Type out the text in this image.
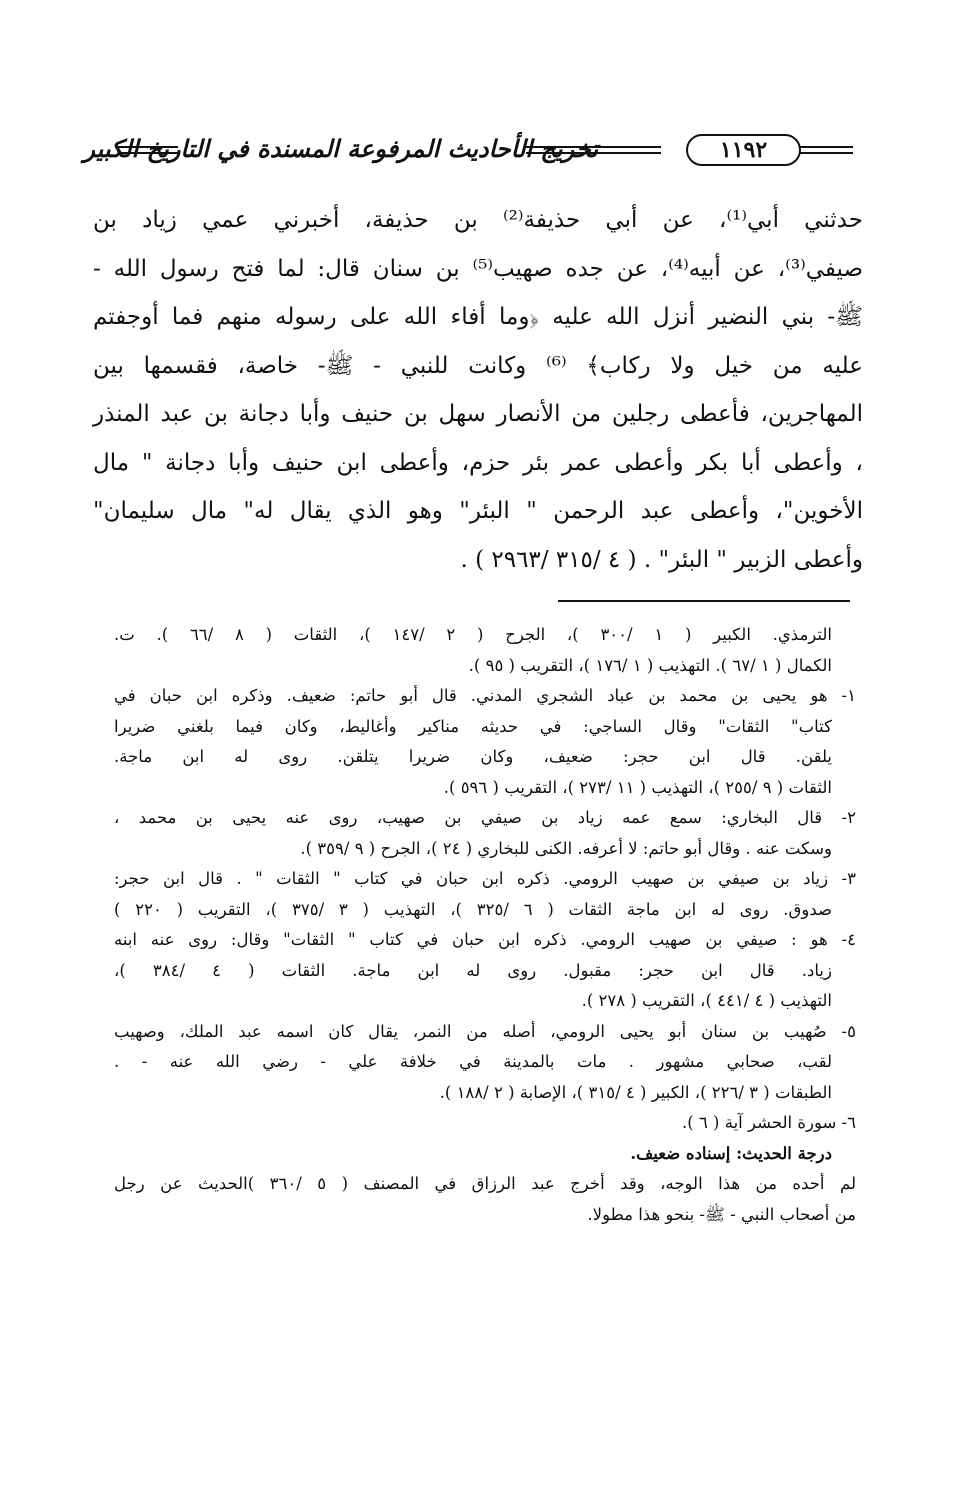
١١٩٢
تخريج الأحاديث المرفوعة المسندة في التاريخ الكبير
حدثني أبي⁽¹⁾، عن أبي حذيفة⁽²⁾ بن حذيفة، أخبرني عمي زياد بن
صيفي⁽³⁾، عن أبيه⁽⁴⁾، عن جده صهيب⁽⁵⁾ بن سنان قال: لما فتح رسول الله -
ﷺ- بني النضير أنزل الله عليه ﴿وما أفاء الله على رسوله منهم فما أوجفتم
عليه من خيل ولا ركاب﴾ ⁽⁶⁾ وكانت للنبي - ﷺ- خاصة، فقسمها بين
المهاجرين، فأعطى رجلين من الأنصار سهل بن حنيف وأبا دجانة بن عبد المنذر
، وأعطى أبا بكر وأعطى عمر بئر حزم، وأعطى ابن حنيف وأبا دجانة " مال
الأخوين"، وأعطى عبد الرحمن " البئر" وهو الذي يقال له" مال سليمان"
وأعطى الزبير " البئر" . ( ٤ /٣١٥ /٢٩٦٣ ) .
الترمذي. الكبير ( ١ /٣٠٠ )، الجرح ( ٢ /١٤٧ )، الثقات ( ٨ /٦٦ ). ت.
الكمال ( ١ /٦٧ ). التهذيب ( ١ /١٧٦ )، التقريب ( ٩٥ ).
١- هو يحيى بن محمد بن عباد الشجري المدني. قال أبو حاتم: ضعيف. وذكره ابن حبان في
كتاب" الثقات" وقال الساجي: في حديثه مناكير وأغاليط، وكان فيما بلغني ضريرا
يلقن. قال ابن حجر: ضعيف، وكان ضريرا يتلقن. روى له ابن ماجة.
الثقات ( ٩ /٢٥٥ )، التهذيب ( ١١ /٢٧٣ )، التقريب ( ٥٩٦ ).
٢- قال البخاري: سمع عمه زياد بن صيفي بن صهيب، روى عنه يحيى بن محمد ،
وسكت عنه . وقال أبو حاتم: لا أعرفه. الكنى للبخاري ( ٢٤ )، الجرح ( ٩ /٣٥٩ ).
٣- زياد بن صيفي بن صهيب الرومي. ذكره ابن حبان في كتاب " الثقات " . قال ابن حجر:
صدوق. روى له ابن ماجة الثقات ( ٦ /٣٢٥ )، التهذيب ( ٣ /٣٧٥ )، التقريب ( ٢٢٠ )
٤- هو : صيفي بن صهيب الرومي. ذكره ابن حبان في كتاب " الثقات" وقال: روى عنه ابنه
زياد. قال ابن حجر: مقبول. روى له ابن ماجة. الثقات ( ٤ /٣٨٤ )،
التهذيب ( ٤ /٤٤١ )، التقريب ( ٢٧٨ ).
٥- صُهيب بن سنان أبو يحيى الرومي، أصله من النمر، يقال كان اسمه عبد الملك، وصهيب
لقب، صحابي مشهور . مات بالمدينة في خلافة علي - رضي الله عنه - .
الطبقات ( ٣ /٢٢٦ )، الكبير ( ٤ /٣١٥ )، الإصابة ( ٢ /١٨٨ ).
٦- سورة الحشر آية ( ٦ ).
درجة الحديث: إسناده ضعيف.
لم أحده من هذا الوجه، وقد أخرج عبد الرزاق في المصنف ( ٥ /٣٦٠ )الحديث عن رجل
من أصحاب النبي - ﷺ- بنحو هذا مطولا.
